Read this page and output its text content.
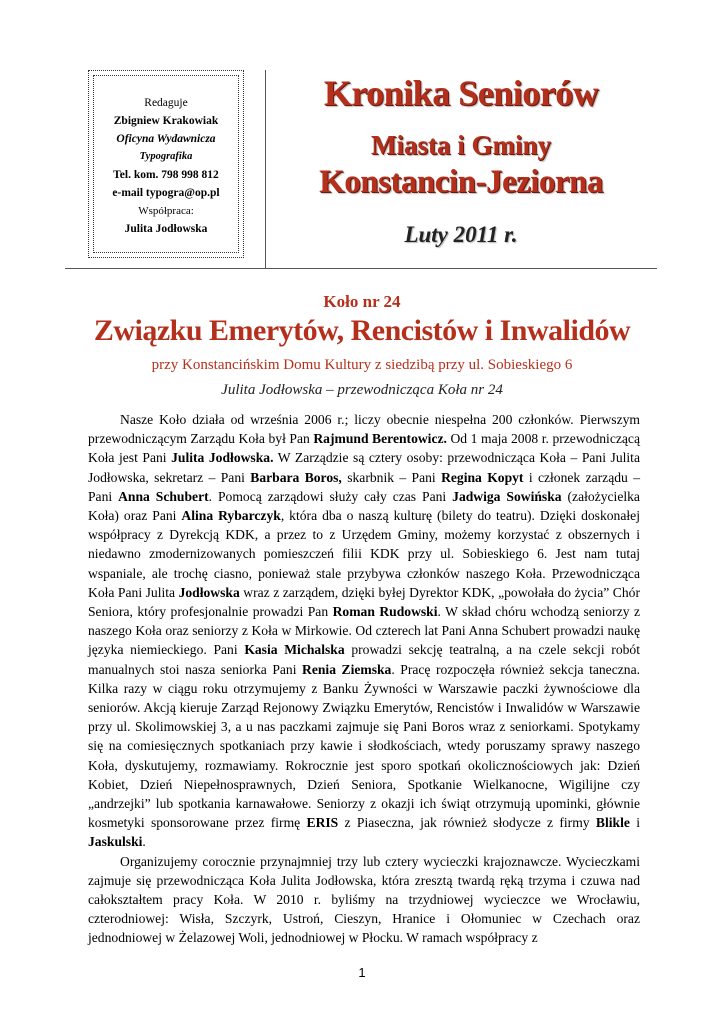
Redaguje
Zbigniew Krakowiak
Oficyna Wydawnicza
Typografika
Tel. kom. 798 998 812
e-mail typogra@op.pl
Współpraca:
Julita Jodłowska
Kronika Seniorów
Miasta i Gminy
Konstancin-Jeziorna
Luty 2011 r.
Koło nr 24
Związku Emerytów, Rencistów i Inwalidów
przy Konstancińskim Domu Kultury z siedzibą przy ul. Sobieskiego 6
Julita Jodłowska – przewodnicząca Koła nr 24

Nasze Koło działa od września 2006 r.; liczy obecnie niespełna 200 członków. Pierwszym przewodniczącym Zarządu Koła był Pan Rajmund Berentowicz. Od 1 maja 2008 r. przewodniczącą Koła jest Pani Julita Jodłowska. W Zarządzie są cztery osoby: przewodnicząca Koła – Pani Julita Jodłowska, sekretarz – Pani Barbara Boros, skarbnik – Pani Regina Kopyt i członek zarządu – Pani Anna Schubert. Pomocą zarządowi służy cały czas Pani Jadwiga Sowińska (założycielka Koła) oraz Pani Alina Rybarczyk, która dba o naszą kulturę (bilety do teatru). Dzięki doskonałej współpracy z Dyrekcją KDK, a przez to z Urzędem Gminy, możemy korzystać z obszernych i niedawno zmodernizowanych pomieszczeń filii KDK przy ul. Sobieskiego 6. Jest nam tutaj wspaniale, ale trochę ciasno, ponieważ stale przybywa członków naszego Koła. Przewodnicząca Koła Pani Julita Jodłowska wraz z zarządem, dzięki byłej Dyrektor KDK, „powołała do życia” Chór Seniora, który profesjonalnie prowadzi Pan Roman Rudowski. W skład chóru wchodzą seniorzy z naszego Koła oraz seniorzy z Koła w Mirkowie. Od czterech lat Pani Anna Schubert prowadzi naukę języka niemieckiego. Pani Kasia Michalska prowadzi sekcję teatralną, a na czele sekcji robót manualnych stoi nasza seniorka Pani Renia Ziemska. Pracę rozpoczęła również sekcja taneczna. Kilka razy w ciągu roku otrzymujemy z Banku Żywności w Warszawie paczki żywnościowe dla seniorów. Akcją kieruje Zarząd Rejonowy Związku Emerytów, Rencistów i Inwalidów w Warszawie przy ul. Skolimowskiej 3, a u nas paczkami zajmuje się Pani Boros wraz z seniorkami. Spotykamy się na comiesięcznych spotkaniach przy kawie i słodkościach, wtedy poruszamy sprawy naszego Koła, dyskutujemy, rozmawiamy. Rokrocznie jest sporo spotkań okolicznościowych jak: Dzień Kobiet, Dzień Niepełnosprawnych, Dzień Seniora, Spotkanie Wielkanocne, Wigilijne czy „andrzejki” lub spotkania karnawałowe. Seniorzy z okazji ich świąt otrzymują upominki, głównie kosmetyki sponsorowane przez firmę ERIS z Piaseczna, jak również słodycze z firmy Blikle i Jaskulski.

Organizujemy corocznie przynajmniej trzy lub cztery wycieczki krajoznawcze. Wycieczkami zajmuje się przewodnicząca Koła Julita Jodłowska, która zresztą twardą ręką trzyma i czuwa nad całokształtem pracy Koła. W 2010 r. byliśmy na trzydniowej wycieczce we Wrocławiu, czterodniowej: Wisła, Szczyrk, Ustroń, Cieszyn, Hranice i Ołomuniec w Czechach oraz jednodniowej w Żelazowej Woli, jednodniowej w Płocku. W ramach współpracy z

1
